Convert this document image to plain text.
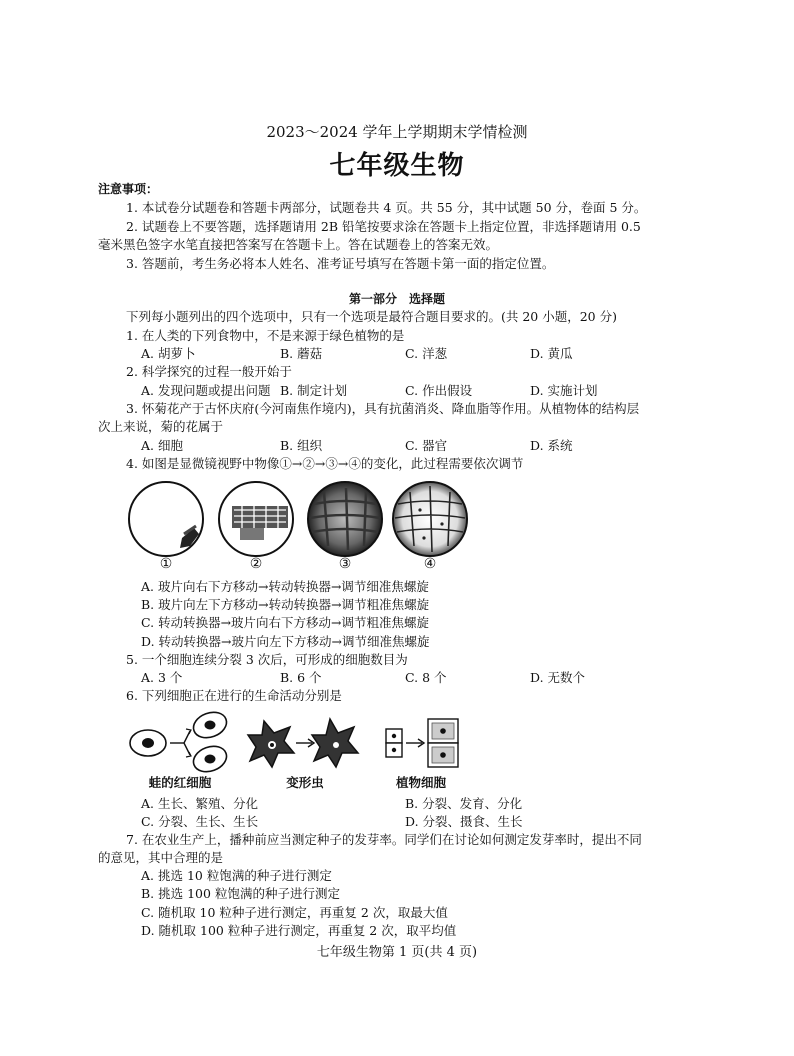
2023～2024 学年上学期期末学情检测
七年级生物
注意事项：
1. 本试卷分试题卷和答题卡两部分，试题卷共 4 页。共 55 分，其中试题 50 分，卷面 5 分。
2. 试题卷上不要答题，选择题请用 2B 铅笔按要求涂在答题卡上指定位置，非选择题请用 0.5
毫米黑色签字水笔直接把答案写在答题卡上。答在试题卷上的答案无效。
3. 答题前，考生务必将本人姓名、准考证号填写在答题卡第一面的指定位置。
第一部分　选择题
下列每小题列出的四个选项中，只有一个选项是最符合题目要求的。(共 20 小题，20 分)
1. 在人类的下列食物中，不是来源于绿色植物的是
A. 胡萝卜	B. 蘑菇	C. 洋葱	D. 黄瓜
2. 科学探究的过程一般开始于
A. 发现问题或提出问题 B. 制定计划	C. 作出假设	D. 实施计划
3. 怀菊花产于古怀庆府(今河南焦作境内)，具有抗菌消炎、降血脂等作用。从植物体的结构层
次上来说，菊的花属于
A. 细胞	B. 组织	C. 器官	D. 系统
4. 如图是显微镜视野中物像①→②→③→④的变化，此过程需要依次调节
①	②	③	④
A. 玻片向右下方移动→转动转换器→调节细准焦螺旋
B. 玻片向左下方移动→转动转换器→调节粗准焦螺旋
C. 转动转换器→玻片向右下方移动→调节粗准焦螺旋
D. 转动转换器→玻片向左下方移动→调节细准焦螺旋
5. 一个细胞连续分裂 3 次后，可形成的细胞数目为
A. 3 个	B. 6 个	C. 8 个	D. 无数个
6. 下列细胞正在进行的生命活动分别是
蛙的红细胞	变形虫	植物细胞
A. 生长、繁殖、分化	B. 分裂、发育、分化
C. 分裂、生长、生长	D. 分裂、摄食、生长
7. 在农业生产上，播种前应当测定种子的发芽率。同学们在讨论如何测定发芽率时，提出不同
的意见，其中合理的是
A. 挑选 10 粒饱满的种子进行测定
B. 挑选 100 粒饱满的种子进行测定
C. 随机取 10 粒种子进行测定，再重复 2 次，取最大值
D. 随机取 100 粒种子进行测定，再重复 2 次，取平均值
七年级生物第 1 页(共 4 页)
